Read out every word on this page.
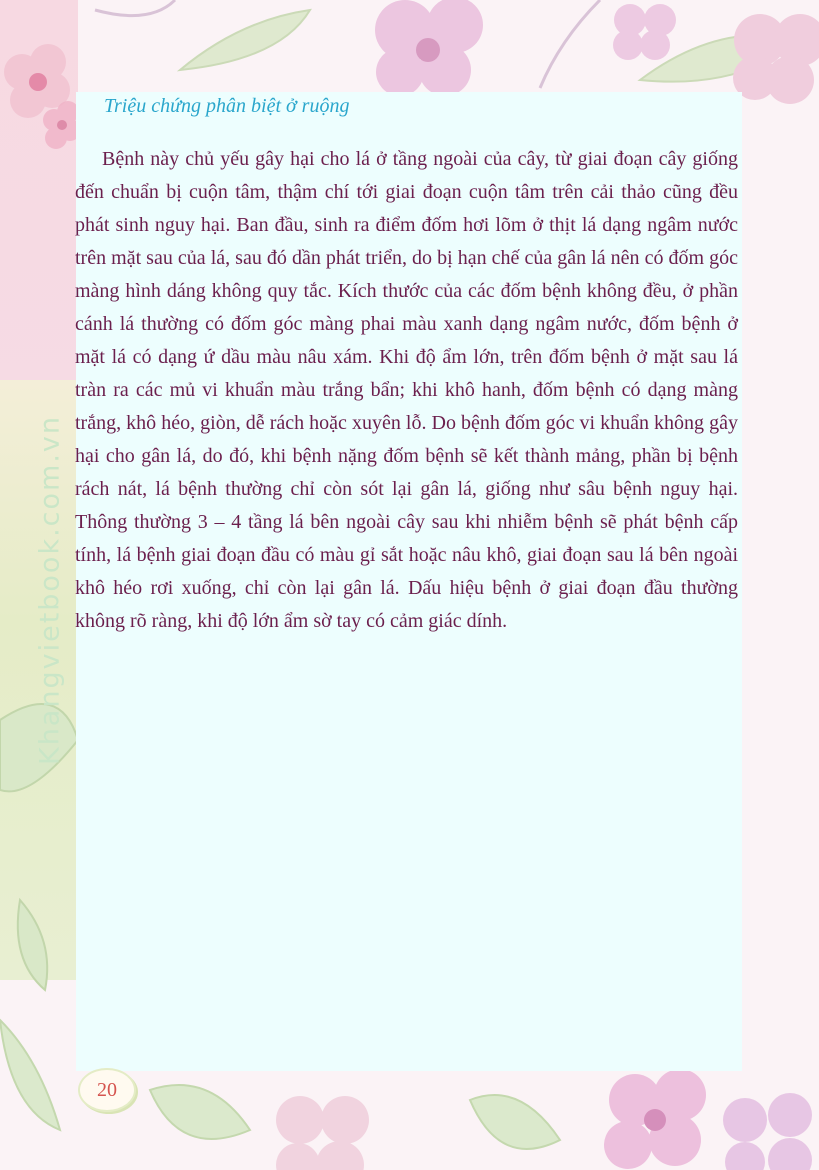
Khangvietbook.com.vn
Triệu chứng phân biệt ở ruộng

Bệnh này chủ yếu gây hại cho lá ở tầng ngoài của cây, từ giai đoạn cây giống đến chuẩn bị cuộn tâm, thậm chí tới giai đoạn cuộn tâm trên cải thảo cũng đều phát sinh nguy hại. Ban đầu, sinh ra điểm đốm hơi lõm ở thịt lá dạng ngâm nước trên mặt sau của lá, sau đó dần phát triển, do bị hạn chế của gân lá nên có đốm góc màng hình dáng không quy tắc. Kích thước của các đốm bệnh không đều, ở phần cánh lá thường có đốm góc màng phai màu xanh dạng ngâm nước, đốm bệnh ở mặt lá có dạng ứ dầu màu nâu xám. Khi độ ẩm lớn, trên đốm bệnh ở mặt sau lá tràn ra các mủ vi khuẩn màu trắng bẩn; khi khô hanh, đốm bệnh có dạng màng trắng, khô héo, giòn, dễ rách hoặc xuyên lỗ. Do bệnh đốm góc vi khuẩn không gây hại cho gân lá, do đó, khi bệnh nặng đốm bệnh sẽ kết thành mảng, phần bị bệnh rách nát, lá bệnh thường chỉ còn sót lại gân lá, giống như sâu bệnh nguy hại. Thông thường 3 – 4 tầng lá bên ngoài cây sau khi nhiễm bệnh sẽ phát bệnh cấp tính, lá bệnh giai đoạn đầu có màu gỉ sắt hoặc nâu khô, giai đoạn sau lá bên ngoài khô héo rơi xuống, chỉ còn lại gân lá. Dấu hiệu bệnh ở giai đoạn đầu thường không rõ ràng, khi độ lớn ẩm sờ tay có cảm giác dính.

20
